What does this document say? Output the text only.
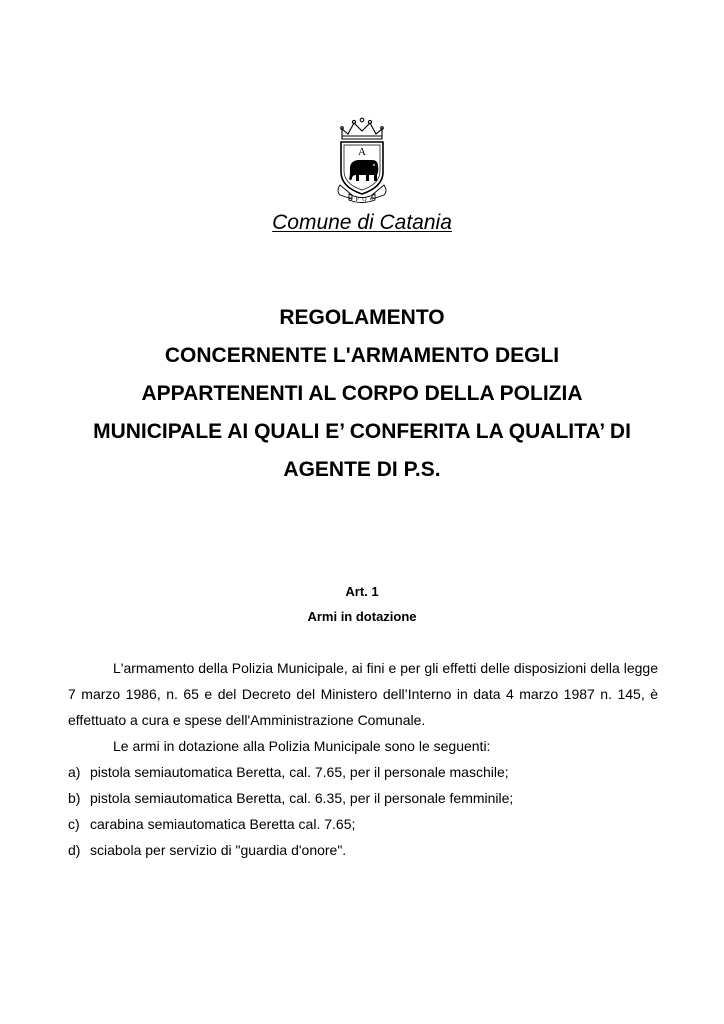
A
S P Q C
Comune di Catania
REGOLAMENTO
CONCERNENTE L'ARMAMENTO DEGLI
APPARTENENTI AL CORPO DELLA POLIZIA
MUNICIPALE AI QUALI E’ CONFERITA LA QUALITA’ DI
AGENTE DI P.S.
Art. 1
Armi in dotazione

L'armamento della Polizia Municipale, ai fini e per gli effetti delle disposizioni della legge 7 marzo 1986, n. 65 e del Decreto del Ministero dell’Interno in data 4 marzo 1987 n. 145, è effettuato a cura e spese dell'Amministrazione Comunale.

Le armi in dotazione alla Polizia Municipale sono le seguenti:

a) pistola semiautomatica Beretta, cal. 7.65, per il personale maschile;
b) pistola semiautomatica Beretta, cal. 6.35, per il personale femminile;
c) carabina semiautomatica Beretta cal. 7.65;
d) sciabola per servizio di "guardia d'onore".
